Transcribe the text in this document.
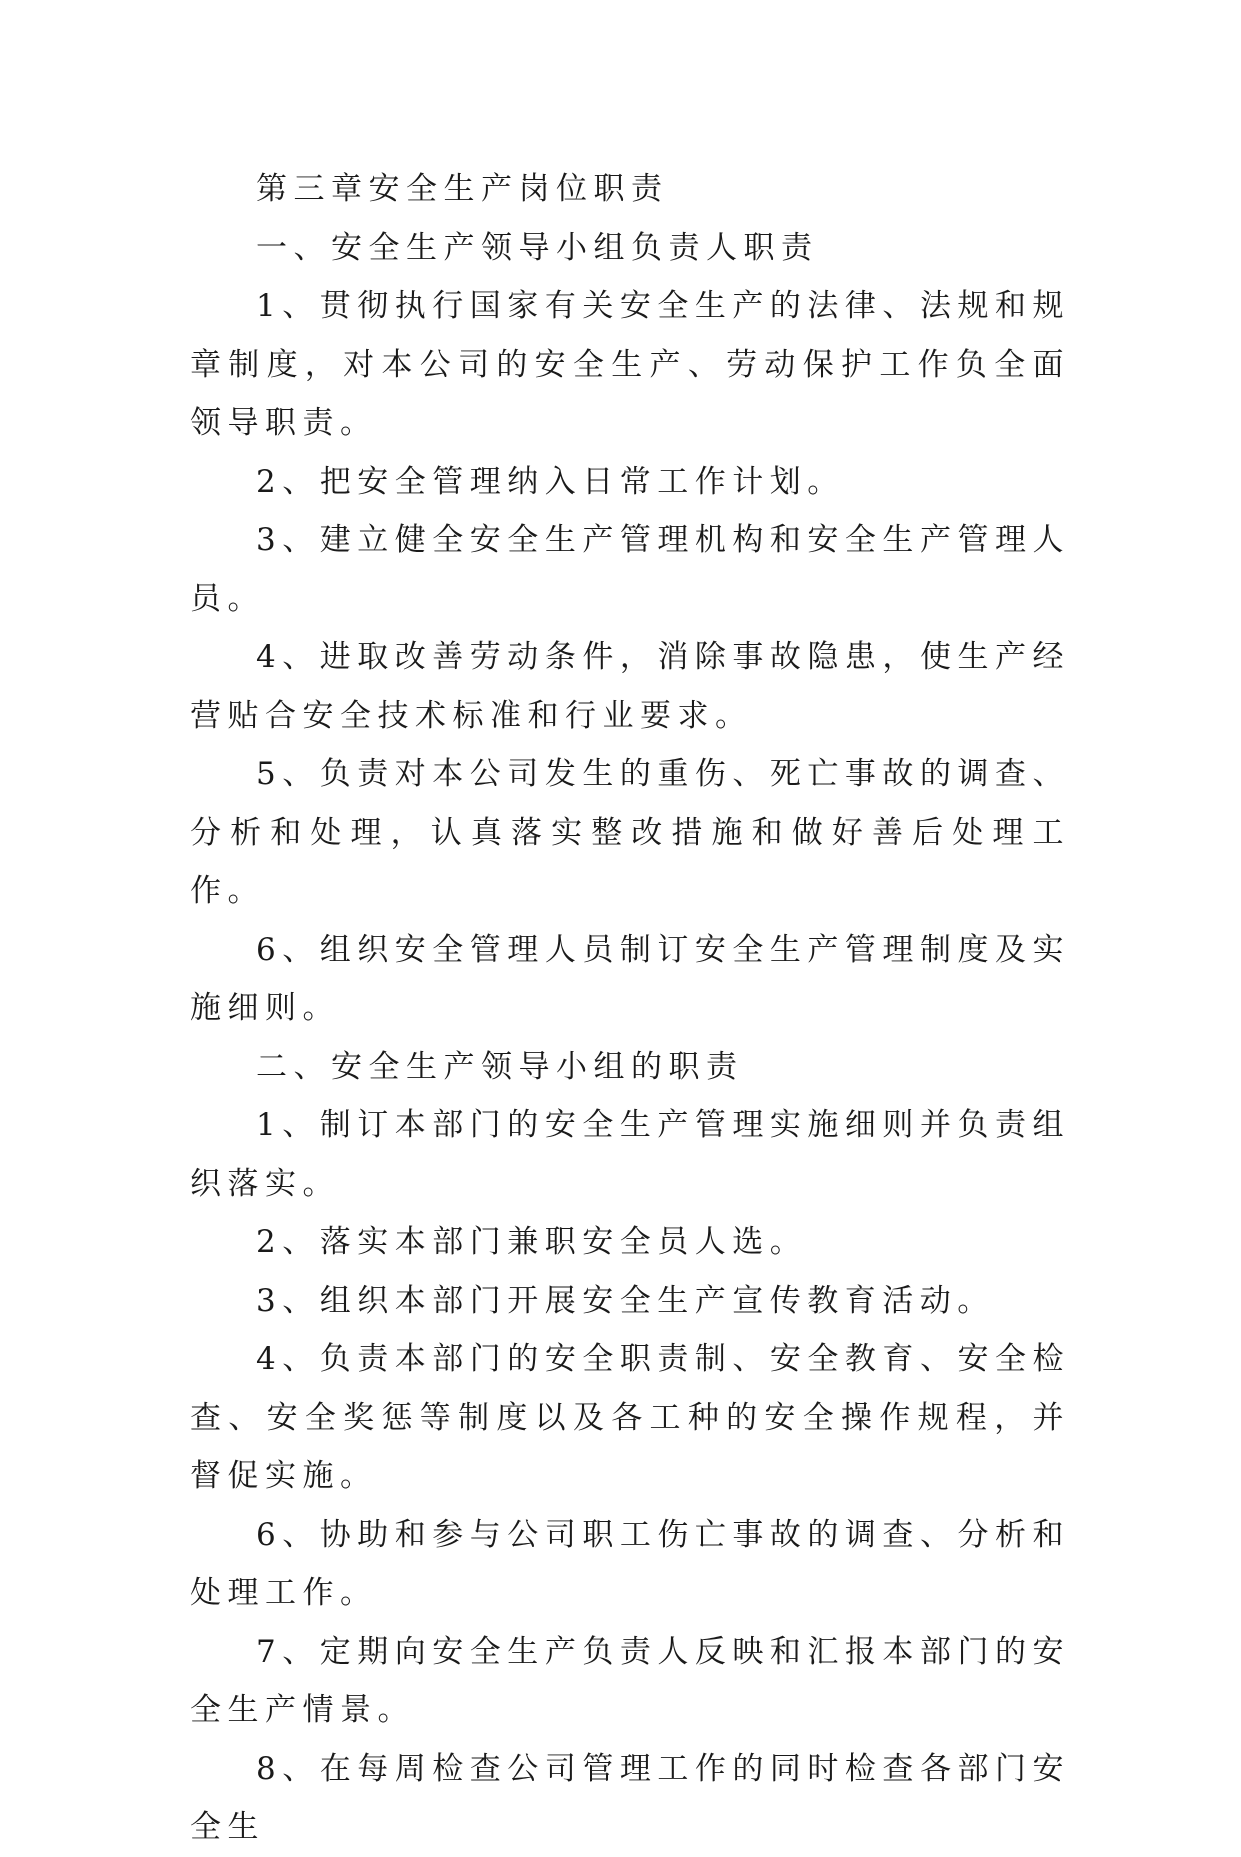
第三章安全生产岗位职责

一、安全生产领导小组负责人职责

1、贯彻执行国家有关安全生产的法律、法规和规章制度，对本公司的安全生产、劳动保护工作负全面领导职责。

2、把安全管理纳入日常工作计划。

3、建立健全安全生产管理机构和安全生产管理人员。

4、进取改善劳动条件，消除事故隐患，使生产经营贴合安全技术标准和行业要求。

5、负责对本公司发生的重伤、死亡事故的调查、分析和处理，认真落实整改措施和做好善后处理工作。

6、组织安全管理人员制订安全生产管理制度及实施细则。

二、安全生产领导小组的职责

1、制订本部门的安全生产管理实施细则并负责组织落实。

2、落实本部门兼职安全员人选。

3、组织本部门开展安全生产宣传教育活动。

4、负责本部门的安全职责制、安全教育、安全检查、安全奖惩等制度以及各工种的安全操作规程，并督促实施。

6、协助和参与公司职工伤亡事故的调查、分析和处理工作。

7、定期向安全生产负责人反映和汇报本部门的安全生产情景。

8、在每周检查公司管理工作的同时检查各部门安全生
